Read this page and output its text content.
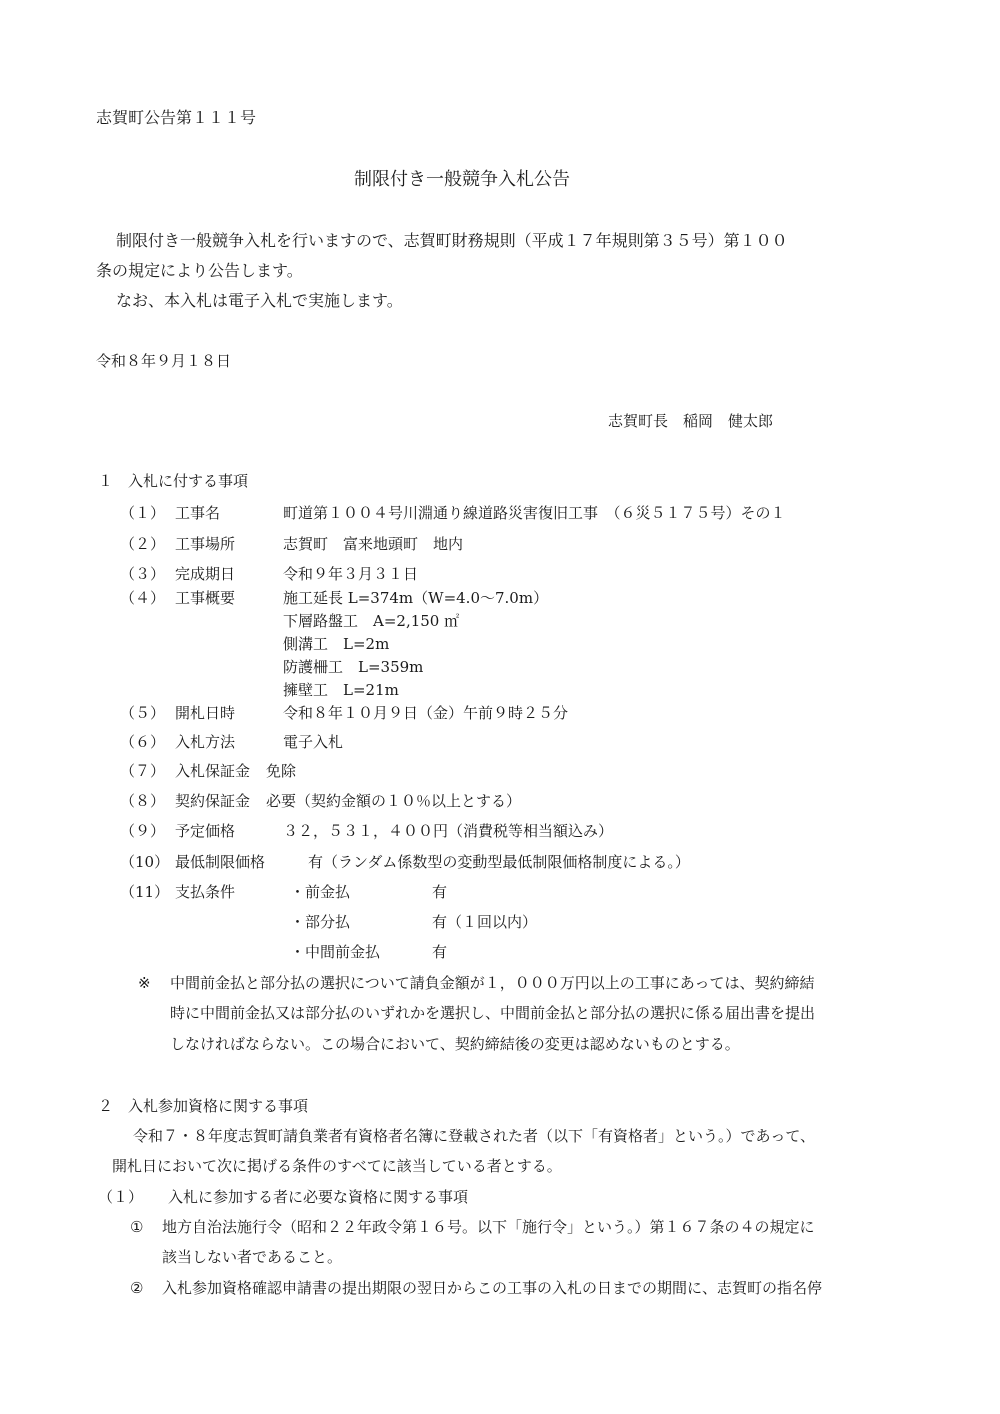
志賀町公告第１１１号
制限付き一般競争入札公告
制限付き一般競争入札を行いますので、志賀町財務規則（平成１７年規則第３５号）第１００
条の規定により公告します。
なお、本入札は電子入札で実施します。
令和８年９月１８日
志賀町長　稲岡　健太郎
１　入札に付する事項
（１） 工事名	町道第１００４号川淵通り線道路災害復旧工事　（６災５１７５号）その１
（２） 工事場所	志賀町　富来地頭町　地内
（３） 完成期日	令和９年３月３１日
（４） 工事概要	施工延長 L=374m（W=4.0～7.0m）
下層路盤工　A=2,150 ㎡
側溝工　L=2m
防護柵工　L=359m
擁壁工　L=21m
（５） 開札日時	令和８年１０月９日（金）午前９時２５分
（６） 入札方法	電子入札
（７） 入札保証金 免除
（８） 契約保証金 必要（契約金額の１０％以上とする）
（９） 予定価格	３２，５３１，４００円（消費税等相当額込み）
（10） 最低制限価格	有（ランダム係数型の変動型最低制限価格制度による。）
（11） 支払条件	・前金払	有
・部分払	有（１回以内）
・中間前金払	有
※ 中間前金払と部分払の選択について請負金額が１，０００万円以上の工事にあっては、契約締結
時に中間前金払又は部分払のいずれかを選択し、中間前金払と部分払の選択に係る届出書を提出
しなければならない。この場合において、契約締結後の変更は認めないものとする。
２　入札参加資格に関する事項
令和７・８年度志賀町請負業者有資格者名簿に登載された者（以下「有資格者」という。）であって、
開札日において次に掲げる条件のすべてに該当している者とする。
（１） 入札に参加する者に必要な資格に関する事項
① 地方自治法施行令（昭和２２年政令第１６号。以下「施行令」という。）第１６７条の４の規定に
該当しない者であること。
② 入札参加資格確認申請書の提出期限の翌日からこの工事の入札の日までの期間に、志賀町の指名停
